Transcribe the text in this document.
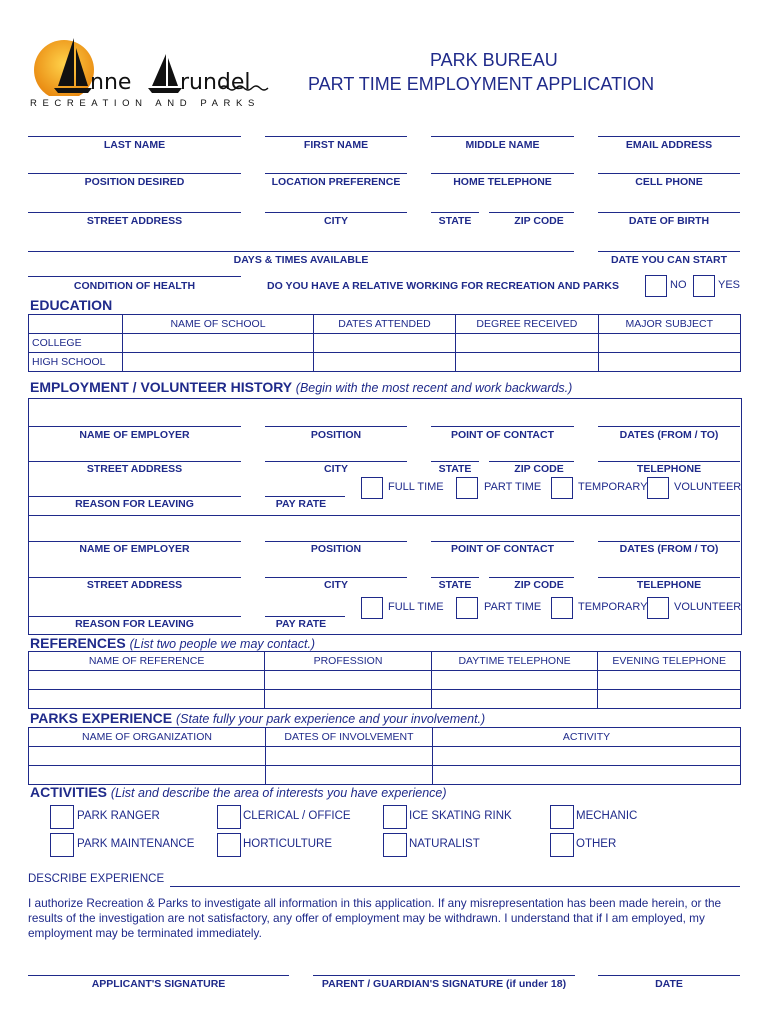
nne rundel
RECREATION AND PARKS
PARK BUREAU
PART TIME EMPLOYMENT APPLICATION
LAST NAME	FIRST NAME	MIDDLE NAME	EMAIL ADDRESS
POSITION DESIRED	LOCATION PREFERENCE	HOME TELEPHONE	CELL PHONE
STREET ADDRESS	CITY	STATE	ZIP CODE	DATE OF BIRTH
DAYS & TIMES AVAILABLE	DATE YOU CAN START
CONDITION OF HEALTH	DO YOU HAVE A RELATIVE WORKING FOR RECREATION AND PARKS	NO	YES
EDUCATION
	NAME OF SCHOOL	DATES ATTENDED	DEGREE RECEIVED	MAJOR SUBJECT
COLLEGE				
HIGH SCHOOL				
EMPLOYMENT / VOLUNTEER HISTORY (Begin with the most recent and work backwards.)
NAME OF EMPLOYER	POSITION	POINT OF CONTACT	DATES (FROM / TO)
STREET ADDRESS	CITY	STATE	ZIP CODE	TELEPHONE
FULL TIME	PART TIME	TEMPORARY VOLUNTEER
REASON FOR LEAVING	PAY RATE
NAME OF EMPLOYER	POSITION	POINT OF CONTACT	DATES (FROM / TO)
STREET ADDRESS	CITY	STATE	ZIP CODE	TELEPHONE
FULL TIME	PART TIME	TEMPORARY VOLUNTEER
REASON FOR LEAVING	PAY RATE
REFERENCES (List two people we may contact.)
NAME OF REFERENCE	PROFESSION	DAYTIME TELEPHONE	EVENING TELEPHONE

PARKS EXPERIENCE (State fully your park experience and your involvement.)
NAME OF ORGANIZATION	DATES OF INVOLVEMENT	ACTIVITY

ACTIVITIES (List and describe the area of interests you have experience)
PARK RANGER	CLERICAL / OFFICE	ICE SKATING RINK	MECHANIC
PARK MAINTENANCE	HORTICULTURE	NATURALIST	OTHER
DESCRIBE EXPERIENCE
I authorize Recreation & Parks to investigate all information in this application. If any misrepresentation has been made herein, or the results of the investigation are not satisfactory, any offer of employment may be withdrawn. I understand that if I am employed, my employment may be terminated immediately.
APPLICANT'S SIGNATURE	PARENT / GUARDIAN'S SIGNATURE (if under 18)	DATE
